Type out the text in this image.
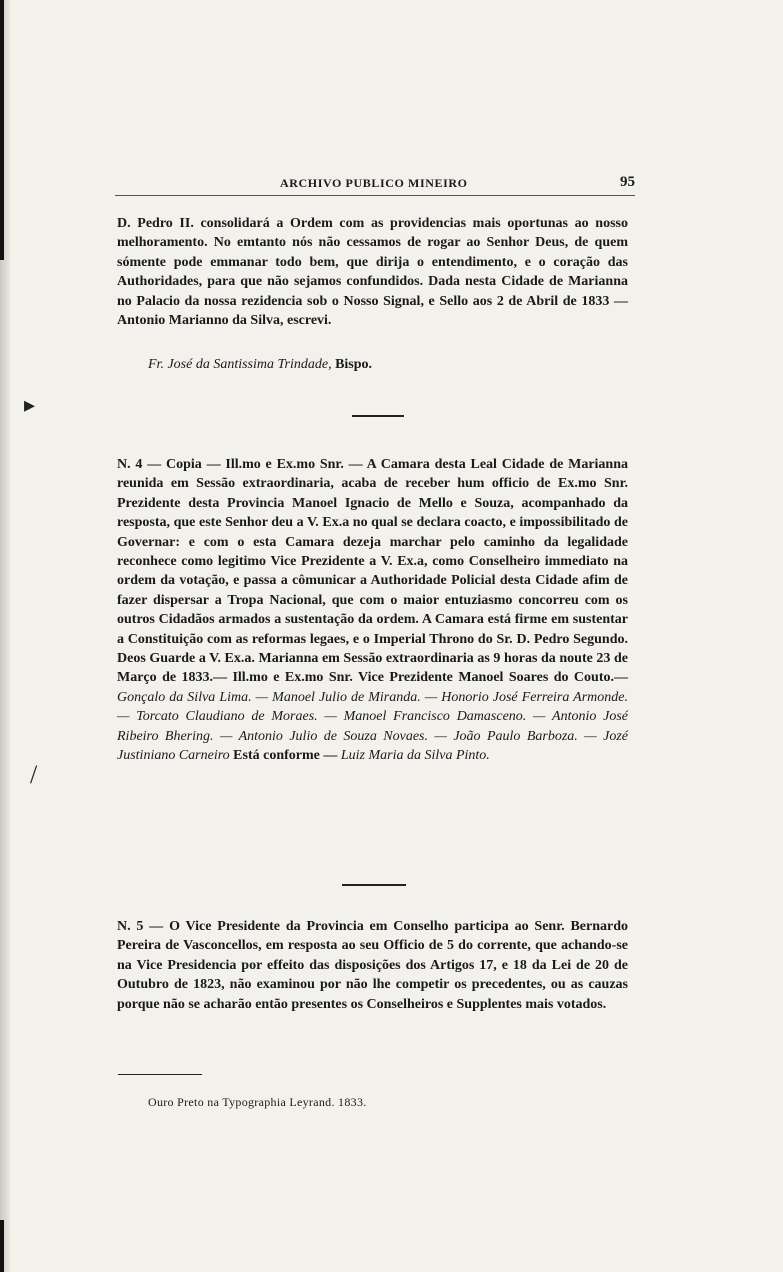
ARCHIVO PUBLICO MINEIRO	95

D. Pedro II. consolidará a Ordem com as providencias mais oportunas ao nosso melhoramento. No emtanto nós não cessamos de rogar ao Senhor Deus, de quem sómente pode emmanar todo bem, que dirija o entendimento, e o coração das Authoridades, para que não sejamos confundidos. Dada nesta Cidade de Marianna no Palacio da nossa rezidencia sob o Nosso Signal, e Sello aos 2 de Abril de 1833 — Antonio Marianno da Silva, escrevi.

Fr. José da Santissima Trindade, Bispo.

▸

N. 4 — Copia — Ill.mo e Ex.mo Snr. — A Camara desta Leal Cidade de Marianna reunida em Sessão extraordinaria, acaba de receber hum officio de Ex.mo Snr. Prezidente desta Provincia Manoel Ignacio de Mello e Souza, acompanhado da resposta, que este Senhor deu a V. Ex.a no qual se declara coacto, e impossibilitado de Governar: e com o esta Camara dezeja marchar pelo caminho da legalidade reconhece como legitimo Vice Prezidente a V. Ex.a, como Conselheiro immediato na ordem da votação, e passa a cômunicar a Authoridade Policial desta Cidade afim de fazer dispersar a Tropa Nacional, que com o maior entuziasmo concorreu com os outros Cidadãos armados a sustentação da ordem. A Camara está firme em sustentar a Constituição com as reformas legaes, e o Imperial Throno do Sr. D. Pedro Segundo. Deos Guarde a V. Ex.a. Marianna em Sessão extraordinaria as 9 horas da noute 23 de Março de 1833.— Ill.mo e Ex.mo Snr. Vice Prezidente Manoel Soares do Couto.— Gonçalo da Silva Lima. — Manoel Julio de Miranda. — Honorio José Ferreira Armonde. — Torcato Claudiano de Moraes. — Manoel Francisco Damasceno. — Antonio José Ribeiro Bhering. — Antonio Julio de Souza Novaes. — João Paulo Barboza. — Jozé Justiniano Carneiro Está conforme — Luiz Maria da Silva Pinto.

/

N. 5 — O Vice Presidente da Provincia em Conselho participa ao Senr. Bernardo Pereira de Vasconcellos, em resposta ao seu Officio de 5 do corrente, que achando-se na Vice Presidencia por effeito das disposições dos Artigos 17, e 18 da Lei de 20 de Outubro de 1823, não examinou por não lhe competir os precedentes, ou as cauzas porque não se acharão então presentes os Conselheiros e Supplentes mais votados.

Ouro Preto na Typographia Leyrand. 1833.
